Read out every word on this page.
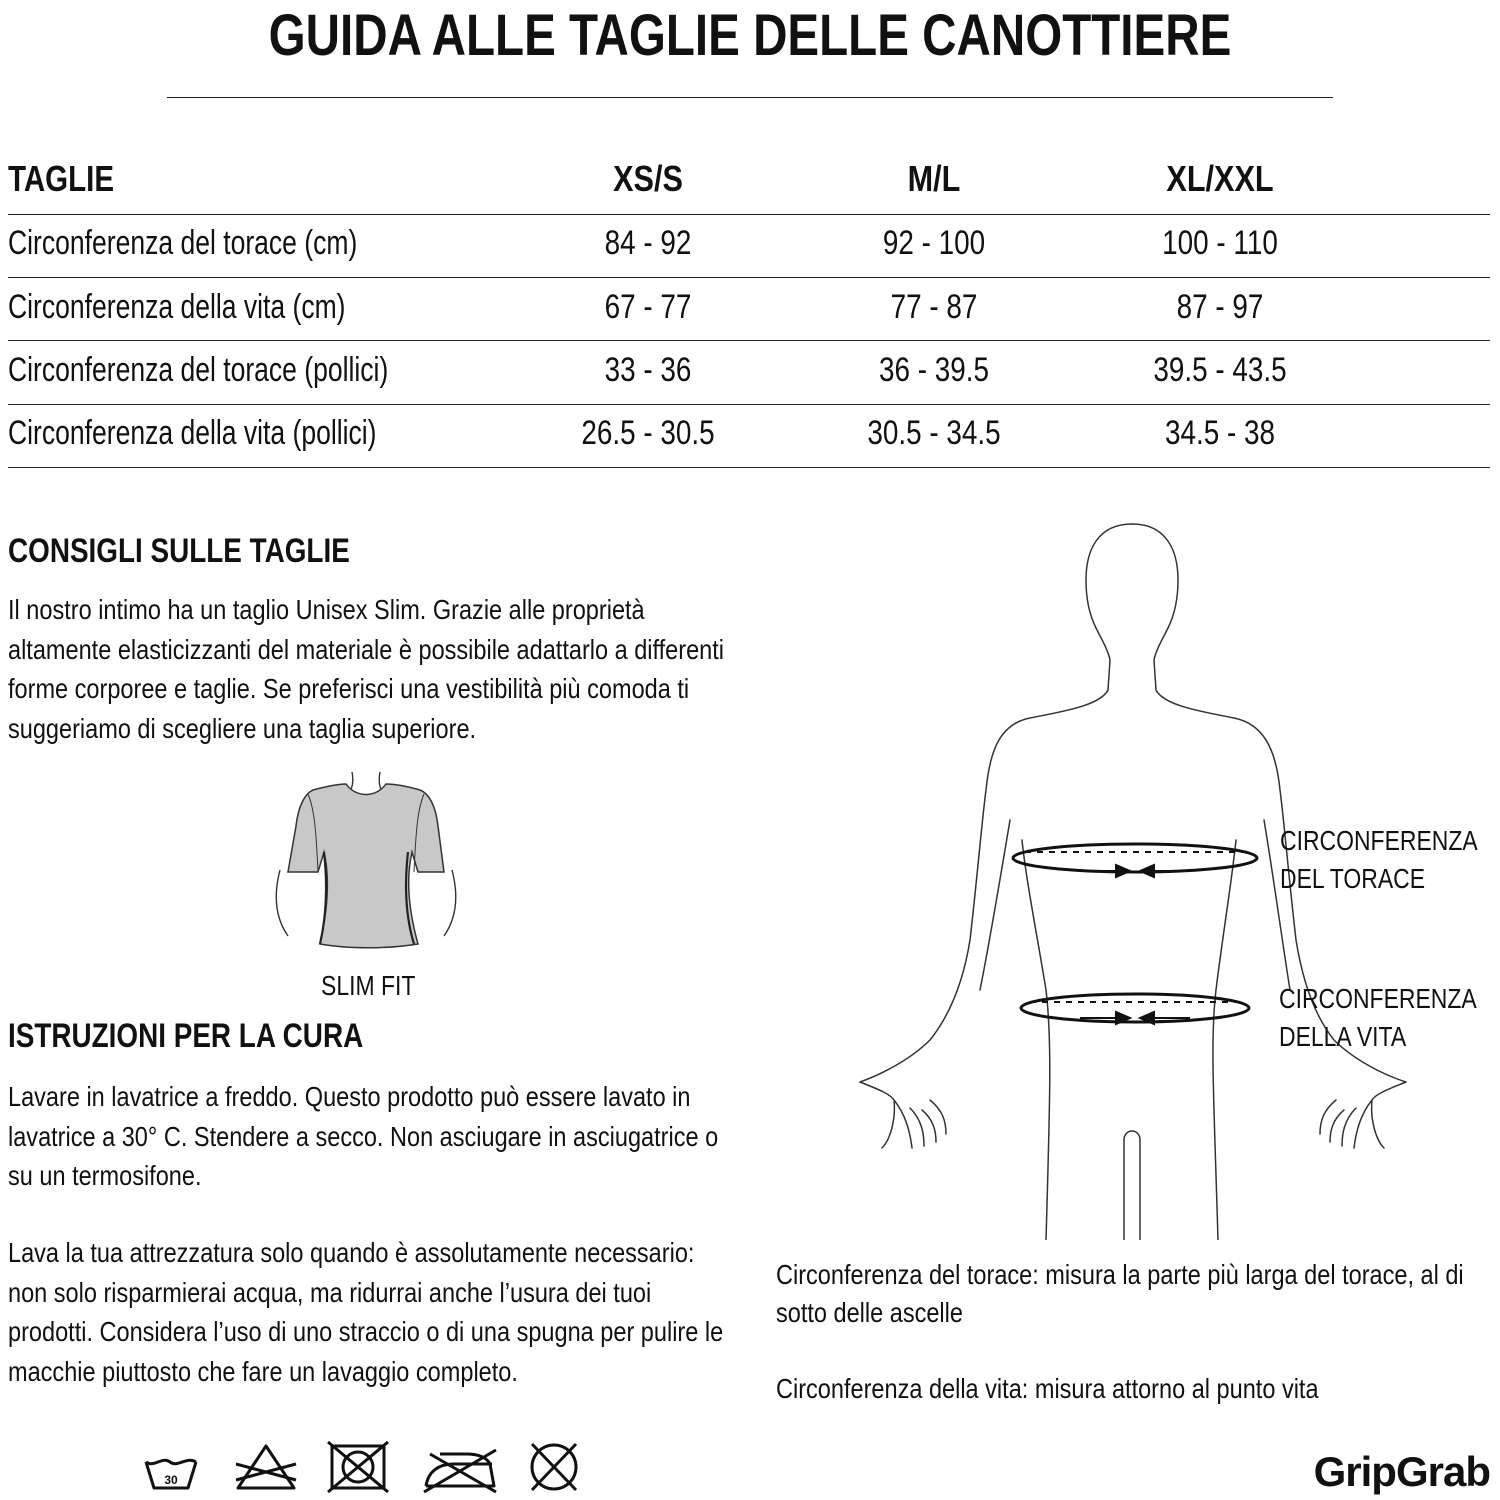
GUIDA ALLE TAGLIE DELLE CANOTTIERE
TAGLIE	XS/S	M/L	XL/XXL
Circonferenza del torace (cm)	84 - 92	92 - 100	100 - 110
Circonferenza della vita (cm)	67 - 77	77 - 87	87 - 97
Circonferenza del torace (pollici)	33 - 36	36 - 39.5	39.5 - 43.5
Circonferenza della vita (pollici)	26.5 - 30.5	30.5 - 34.5	34.5 - 38
CONSIGLI SULLE TAGLIE
Il nostro intimo ha un taglio Unisex Slim. Grazie alle proprietà altamente elasticizzanti del materiale è possibile adattarlo a differenti forme corporee e taglie. Se preferisci una vestibilità più comoda ti suggeriamo di scegliere una taglia superiore.
SLIM FIT
ISTRUZIONI PER LA CURA
Lavare in lavatrice a freddo. Questo prodotto può essere lavato in lavatrice a 30° C. Stendere a secco. Non asciugare in asciugatrice o su un termosifone.
Lava la tua attrezzatura solo quando è assolutamente necessario: non solo risparmierai acqua, ma ridurrai anche l’usura dei tuoi prodotti. Considera l’uso di uno straccio o di una spugna per pulire le macchie piuttosto che fare un lavaggio completo.
30
CIRCONFERENZA
DEL TORACE
CIRCONFERENZA
DELLA VITA
Circonferenza del torace: misura la parte più larga del torace, al di sotto delle ascelle
Circonferenza della vita: misura attorno al punto vita
GripGrab
